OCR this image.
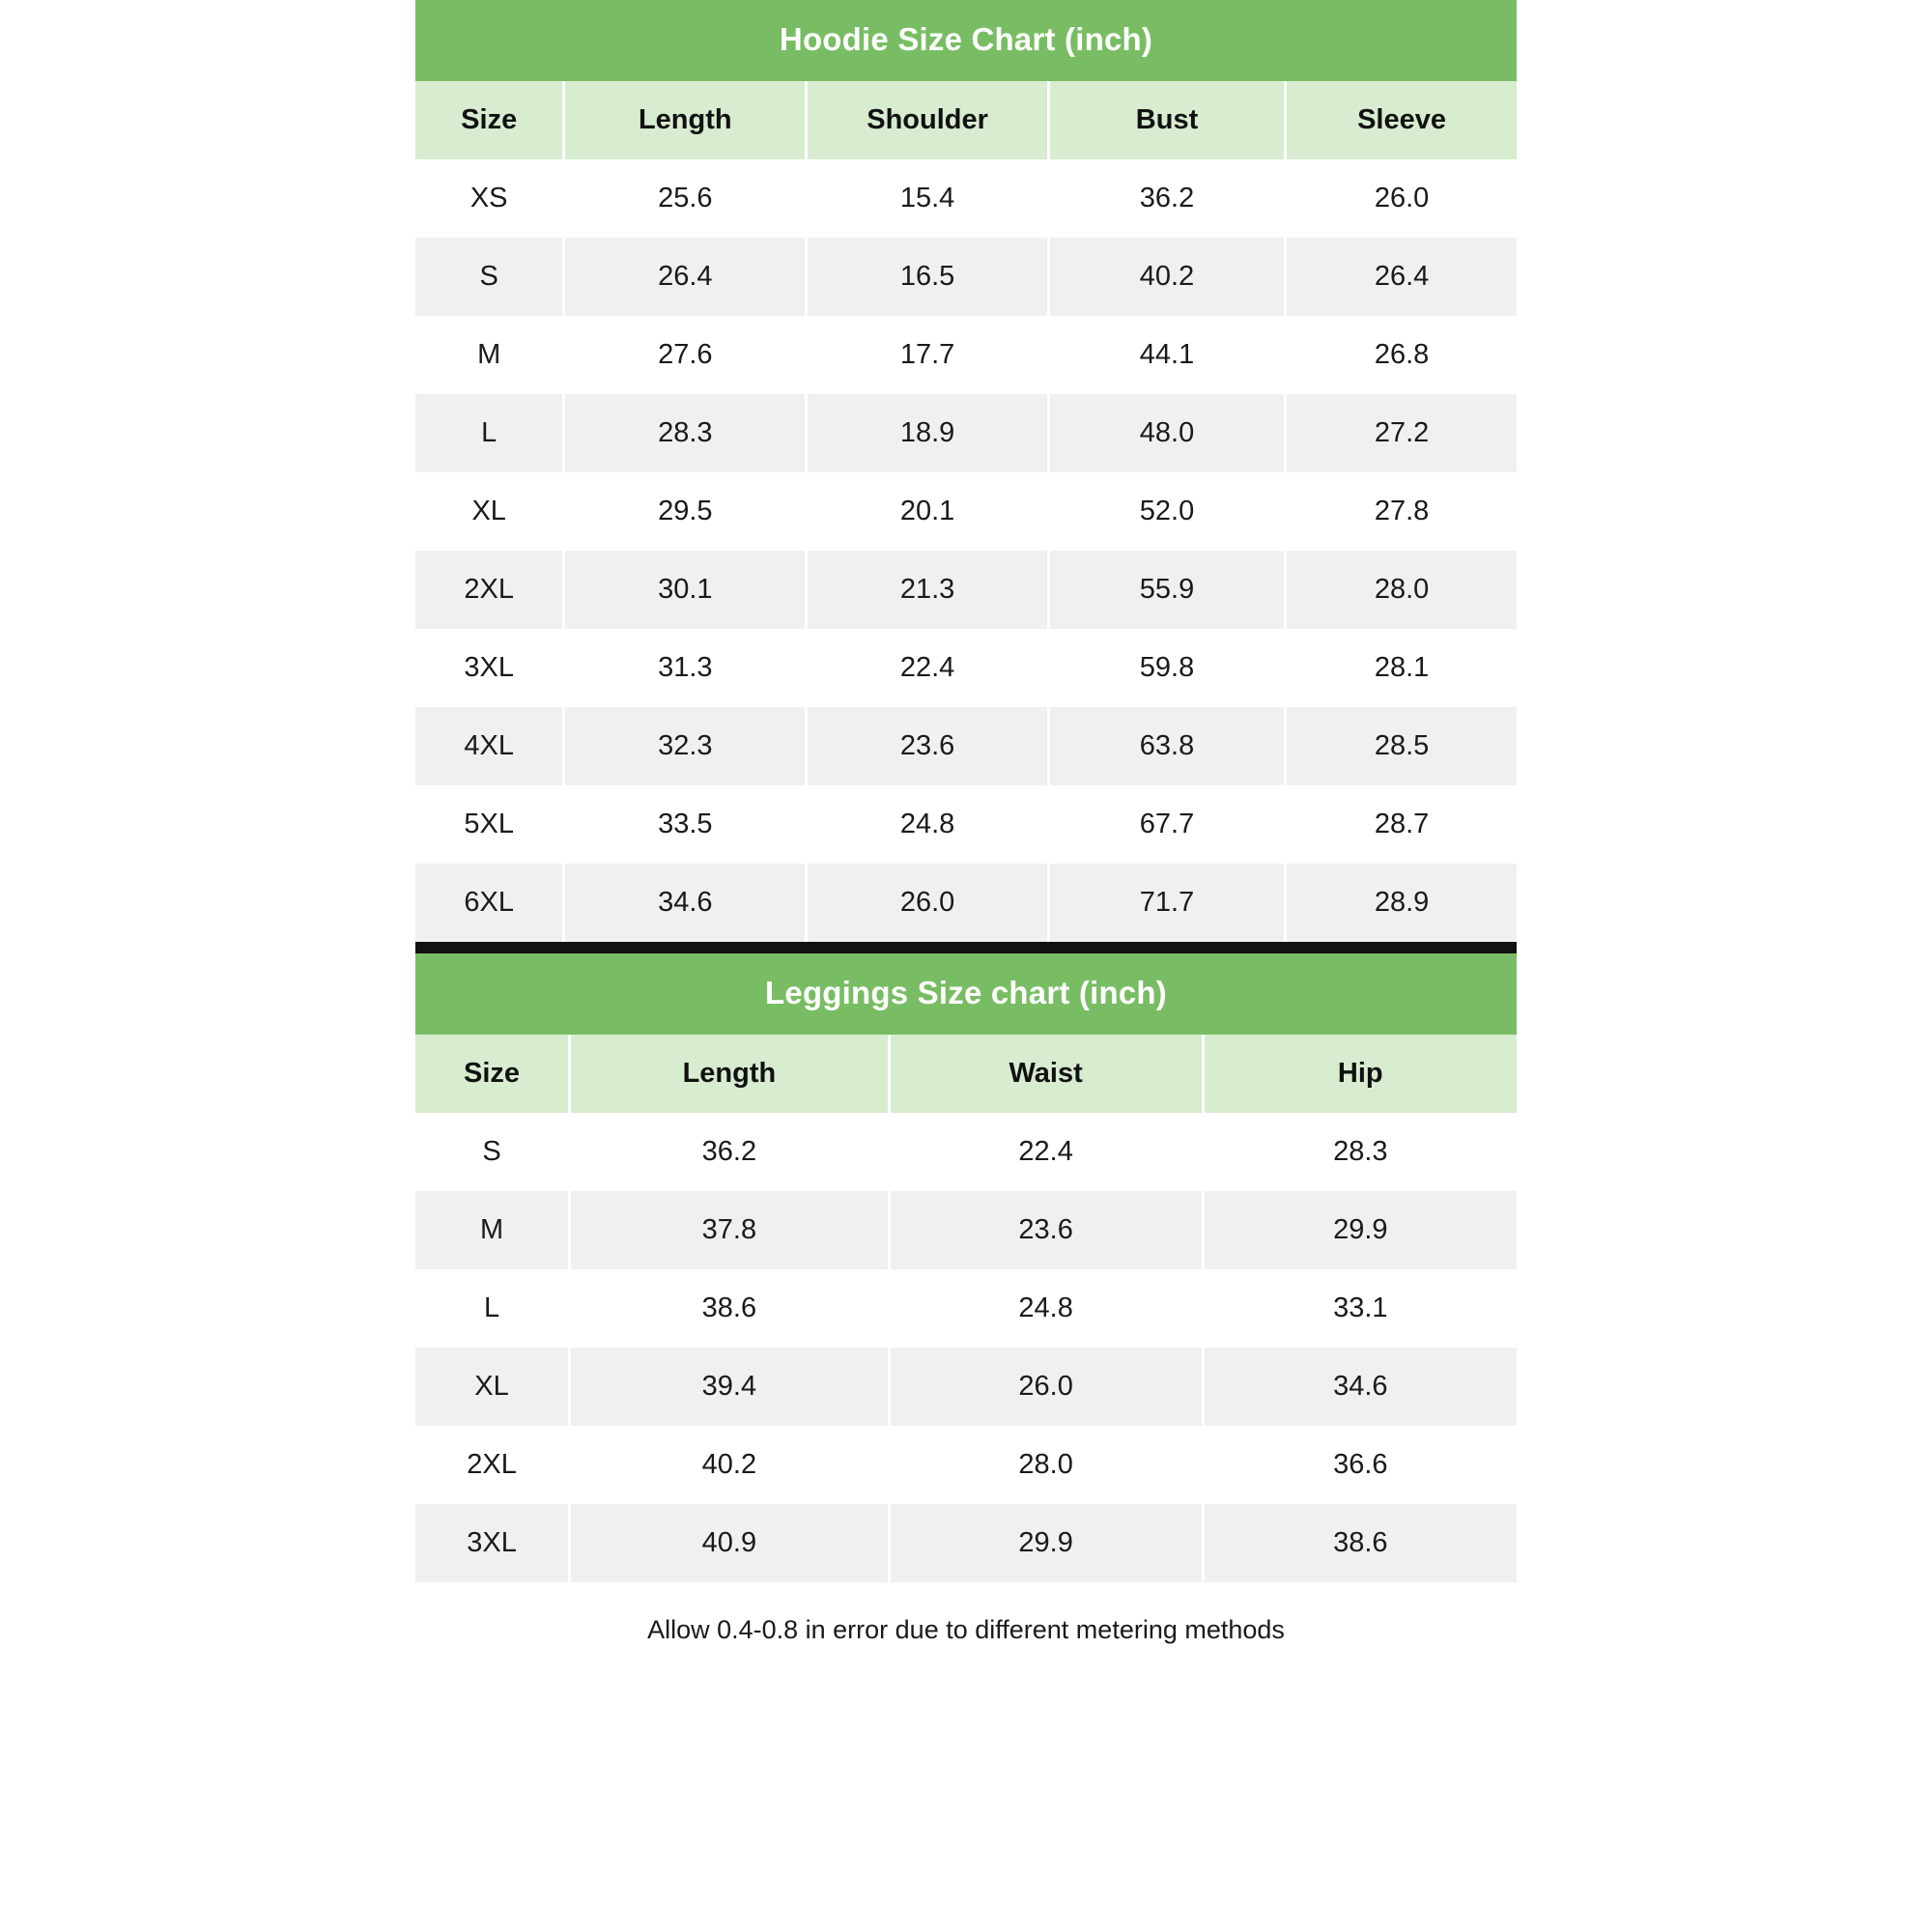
Hoodie Size Chart (inch)
Size	Length	Shoulder	Bust	Sleeve
XS	25.6	15.4	36.2	26.0
S	26.4	16.5	40.2	26.4
M	27.6	17.7	44.1	26.8
L	28.3	18.9	48.0	27.2
XL	29.5	20.1	52.0	27.8
2XL	30.1	21.3	55.9	28.0
3XL	31.3	22.4	59.8	28.1
4XL	32.3	23.6	63.8	28.5
5XL	33.5	24.8	67.7	28.7
6XL	34.6	26.0	71.7	28.9
Leggings Size chart (inch)
Size	Length	Waist	Hip
S	36.2	22.4	28.3
M	37.8	23.6	29.9
L	38.6	24.8	33.1
XL	39.4	26.0	34.6
2XL	40.2	28.0	36.6
3XL	40.9	29.9	38.6
Allow 0.4-0.8 in error due to different metering methods
